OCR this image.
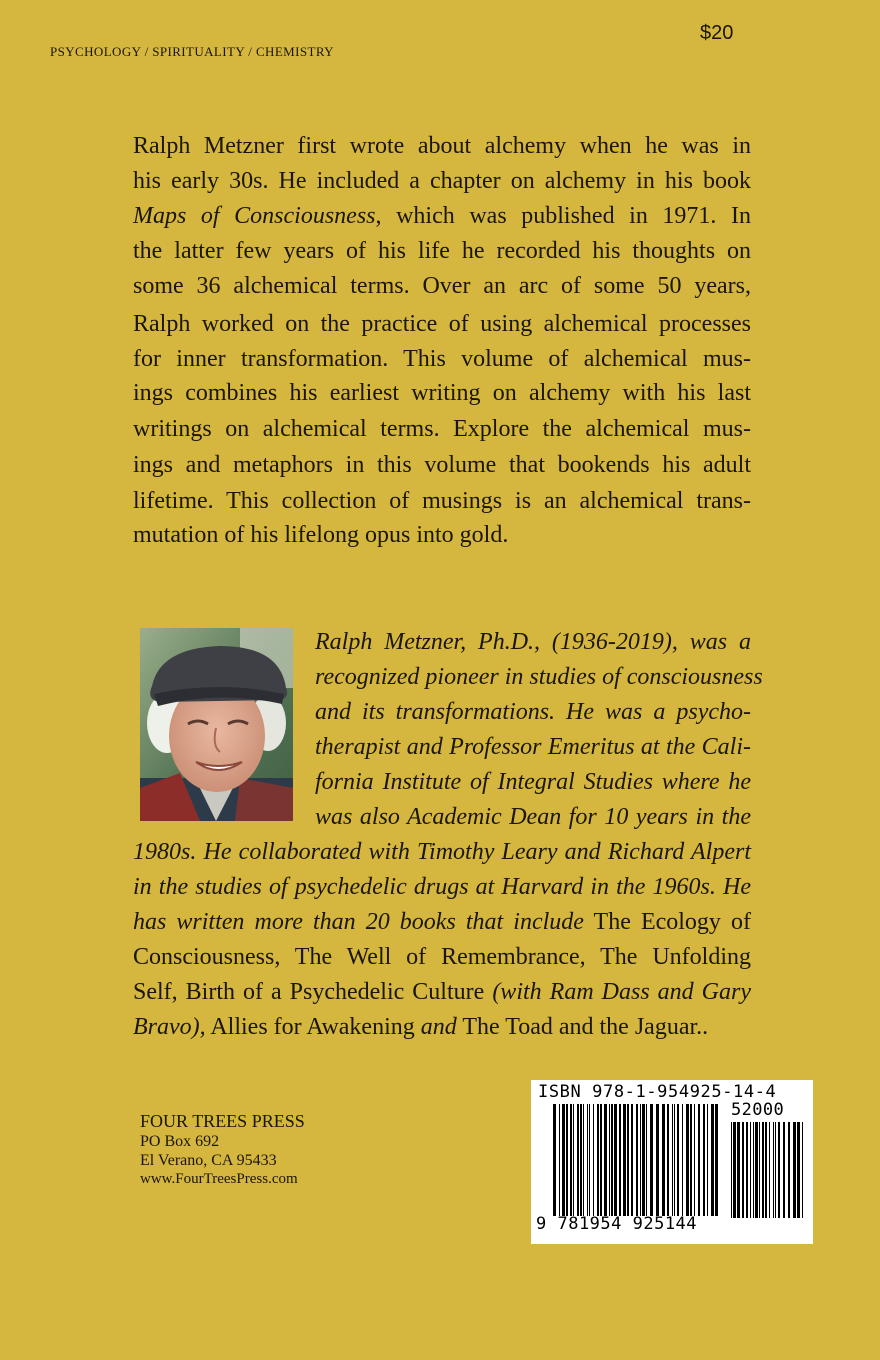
PSYCHOLOGY / SPIRITUALITY / CHEMISTRY
$20
Ralph Metzner first wrote about alchemy when he was in
his early 30s. He included a chapter on alchemy in his book
Maps of Consciousness, which was published in 1971. In
the latter few years of his life he recorded his thoughts on
some 36 alchemical terms. Over an arc of some 50 years,
Ralph worked on the practice of using alchemical processes
for inner transformation. This volume of alchemical mus-
ings combines his earliest writing on alchemy with his last
writings on alchemical terms. Explore the alchemical mus-
ings and metaphors in this volume that bookends his adult
lifetime. This collection of musings is an alchemical trans-
mutation of his lifelong opus into gold.
Ralph Metzner, Ph.D., (1936-2019), was a
recognized pioneer in studies of consciousness
and its transformations. He was a psycho-
therapist and Professor Emeritus at the Cali-
fornia Institute of Integral Studies where he
was also Academic Dean for 10 years in the
1980s. He collaborated with Timothy Leary and Richard Alpert
in the studies of psychedelic drugs at Harvard in the 1960s. He
has written more than 20 books that include The Ecology of
Consciousness, The Well of Remembrance, The Unfolding
Self, Birth of a Psychedelic Culture (with Ram Dass and Gary
Bravo), Allies for Awakening and The Toad and the Jaguar..
FOUR TREES PRESS
PO Box 692
El Verano, CA 95433
www.FourTreesPress.com
ISBN 978-1-954925-14-4
52000
9 781954 925144
